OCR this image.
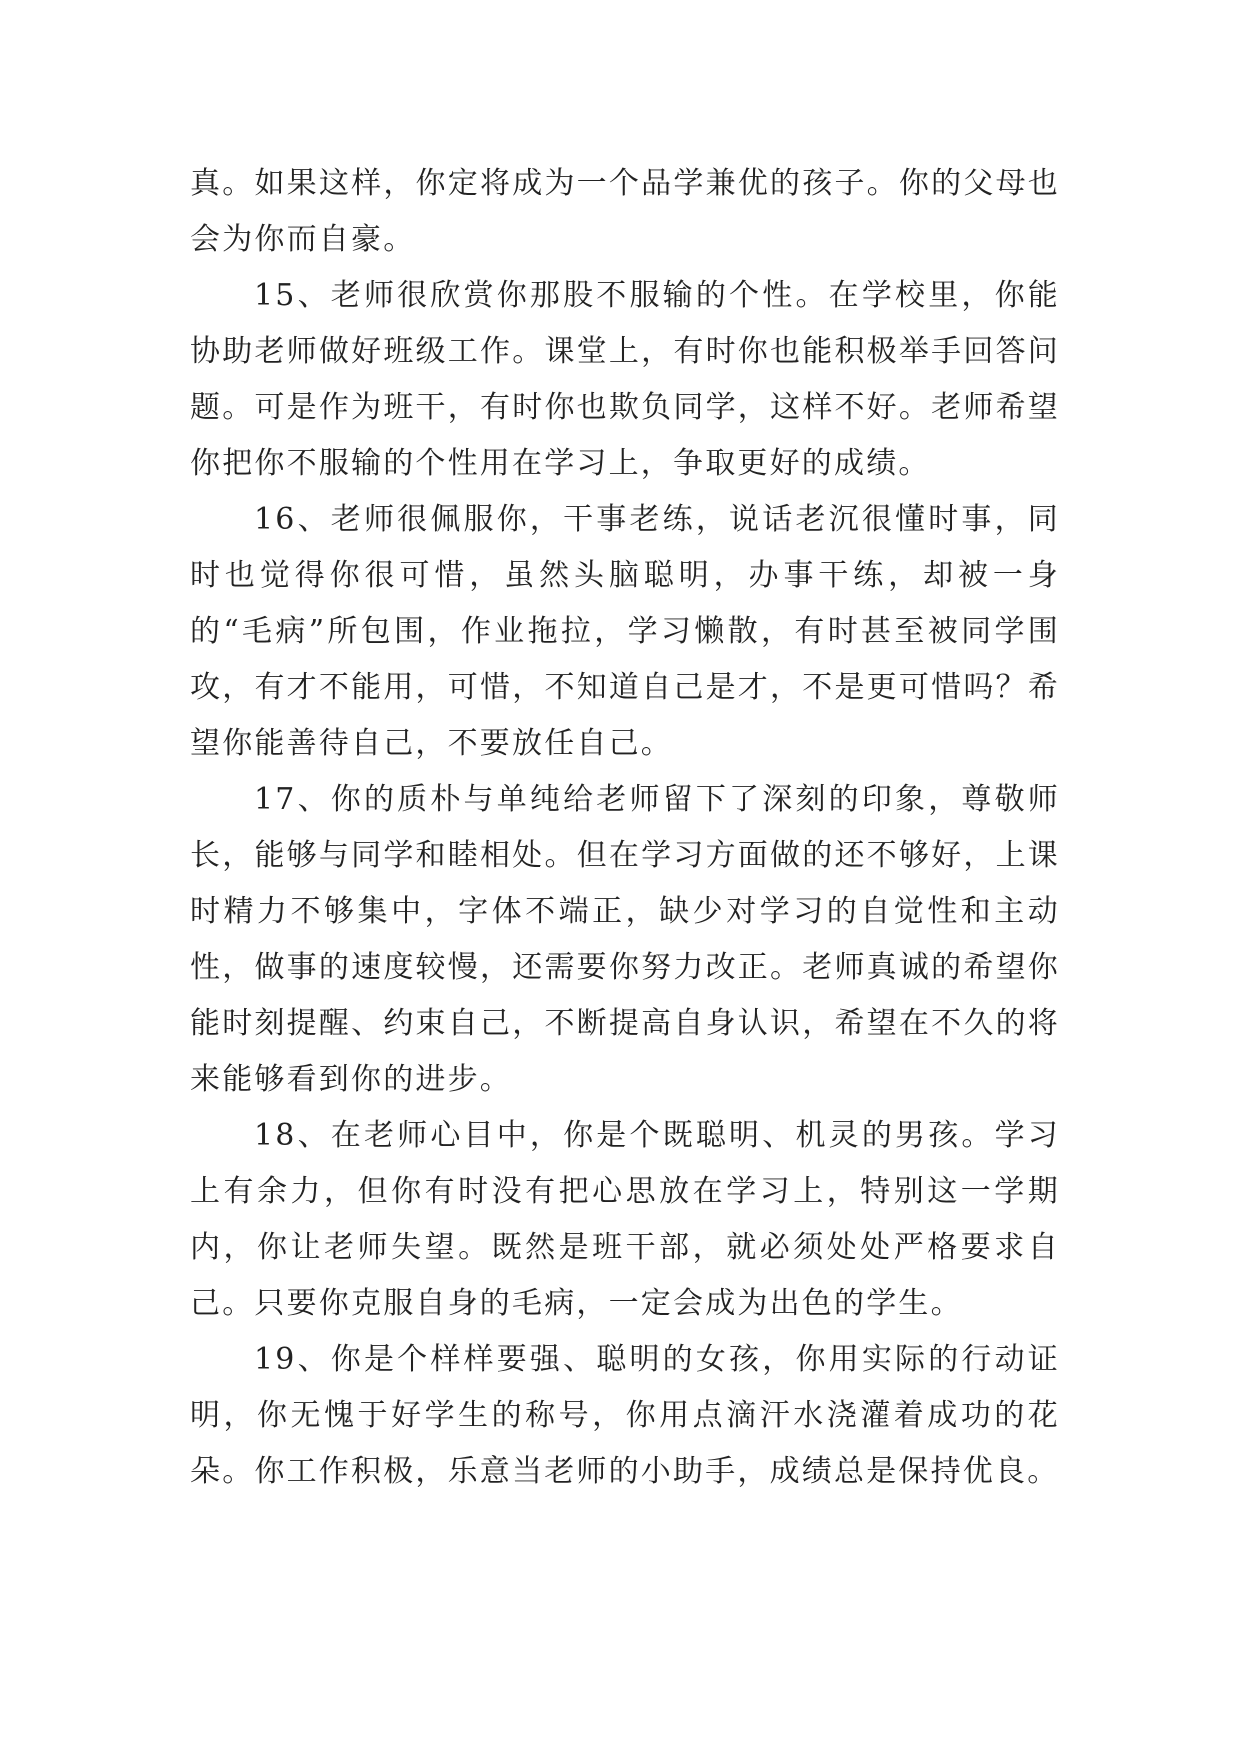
真。如果这样，你定将成为一个品学兼优的孩子。你的父母也会为你而自豪。

15、老师很欣赏你那股不服输的个性。在学校里，你能协助老师做好班级工作。课堂上，有时你也能积极举手回答问题。可是作为班干，有时你也欺负同学，这样不好。老师希望你把你不服输的个性用在学习上，争取更好的成绩。

16、老师很佩服你，干事老练，说话老沉很懂时事，同时也觉得你很可惜，虽然头脑聪明，办事干练，却被一身的“毛病”所包围，作业拖拉，学习懒散，有时甚至被同学围攻，有才不能用，可惜，不知道自己是才，不是更可惜吗？希望你能善待自己，不要放任自己。

17、你的质朴与单纯给老师留下了深刻的印象，尊敬师长，能够与同学和睦相处。但在学习方面做的还不够好，上课时精力不够集中，字体不端正，缺少对学习的自觉性和主动性，做事的速度较慢，还需要你努力改正。老师真诚的希望你能时刻提醒、约束自己，不断提高自身认识，希望在不久的将来能够看到你的进步。

18、在老师心目中，你是个既聪明、机灵的男孩。学习上有余力，但你有时没有把心思放在学习上，特别这一学期内，你让老师失望。既然是班干部，就必须处处严格要求自己。只要你克服自身的毛病，一定会成为出色的学生。

19、你是个样样要强、聪明的女孩，你用实际的行动证明，你无愧于好学生的称号，你用点滴汗水浇灌着成功的花朵。你工作积极，乐意当老师的小助手，成绩总是保持优良。
